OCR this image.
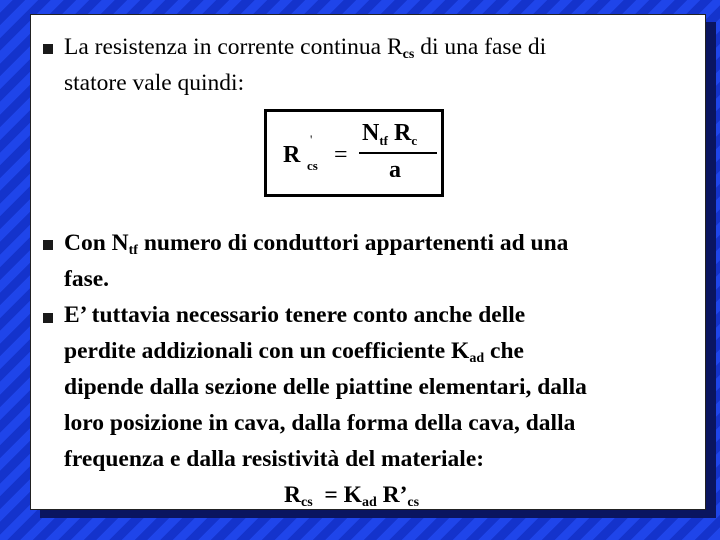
La resistenza in corrente continua $R_{cs}$ di una fase di
statore vale quindi:
R
'
cs =
$N_{tf}$ $R_c$
a
Con $N_{tf}$ numero di conduttori appartenenti ad una
fase.
E’ tuttavia necessario tenere conto anche delle
perdite addizionali con un coefficiente $K_{ad}$ che
dipende dalla sezione delle piattine elementari, dalla
loro posizione in cava, dalla forma della cava, dalla
frequenza e dalla resistività del materiale:
$R_{cs} = K_{ad}$ $R’_{cs}$
